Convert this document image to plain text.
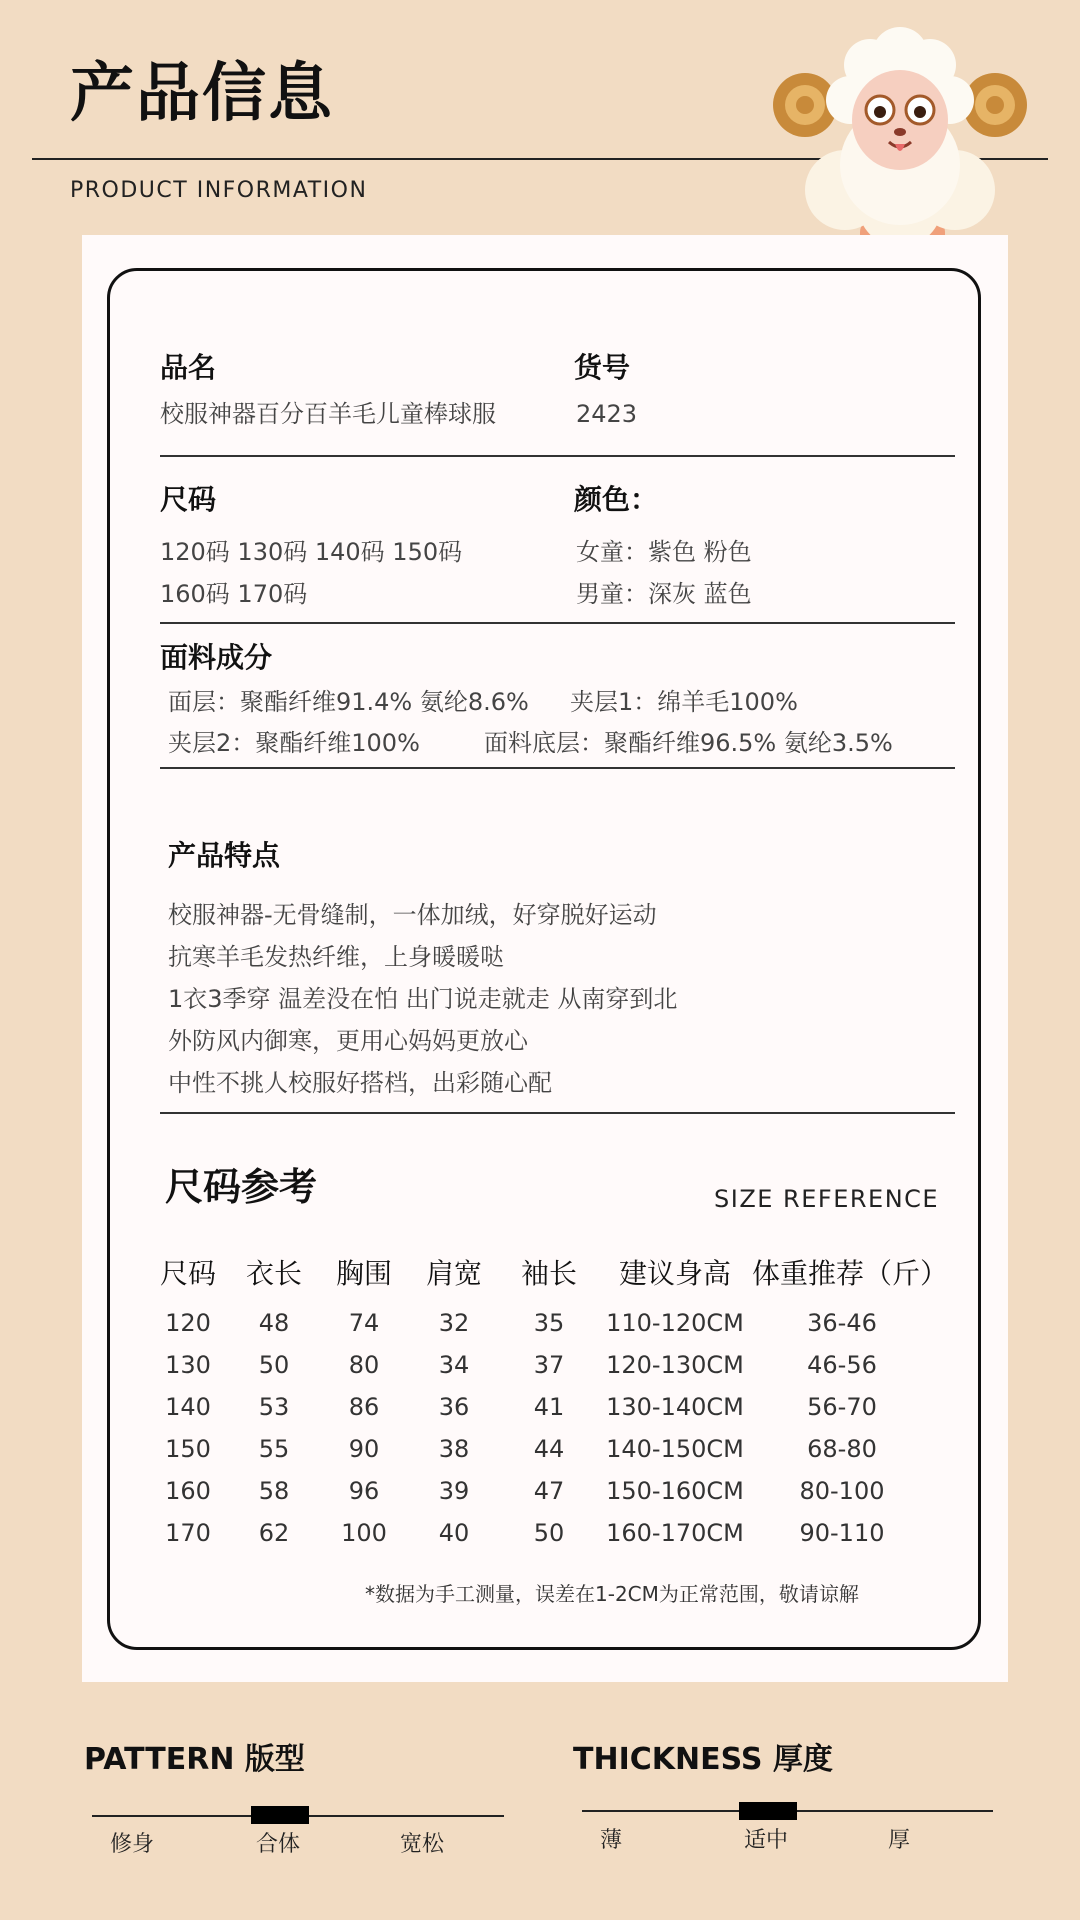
产品信息
PRODUCT INFORMATION
品名
校服神器百分百羊毛儿童棒球服
货号
2423
尺码
120码 130码 140码 150码
160码 170码
颜色：
女童：紫色 粉色
男童：深灰 蓝色
面料成分
面层：聚酯纤维91.4% 氨纶8.6% 夹层1：绵羊毛100%
夹层2：聚酯纤维100%	面料底层：聚酯纤维96.5% 氨纶3.5%
产品特点
校服神器-无骨缝制，一体加绒，好穿脱好运动
抗寒羊毛发热纤维，上身暖暖哒
1衣3季穿 温差没在怕 出门说走就走 从南穿到北
外防风内御寒，更用心妈妈更放心
中性不挑人校服好搭档，出彩随心配
尺码参考	SIZE REFERENCE
尺码	衣长	胸围	肩宽	袖长	建议身高 体重推荐（斤）
120	48	74	32	35	110-120CM	36-46
130	50	80	34	37	120-130CM	46-56
140	53	86	36	41	130-140CM	56-70
150	55	90	38	44	140-150CM	68-80
160	58	96	39	47	150-160CM	80-100
170	62	100	40	50	160-170CM	90-110
*数据为手工测量，误差在1-2CM为正常范围，敬请谅解
PATTERN 版型
修身	合体	宽松
THICKNESS 厚度
薄	适中	厚
